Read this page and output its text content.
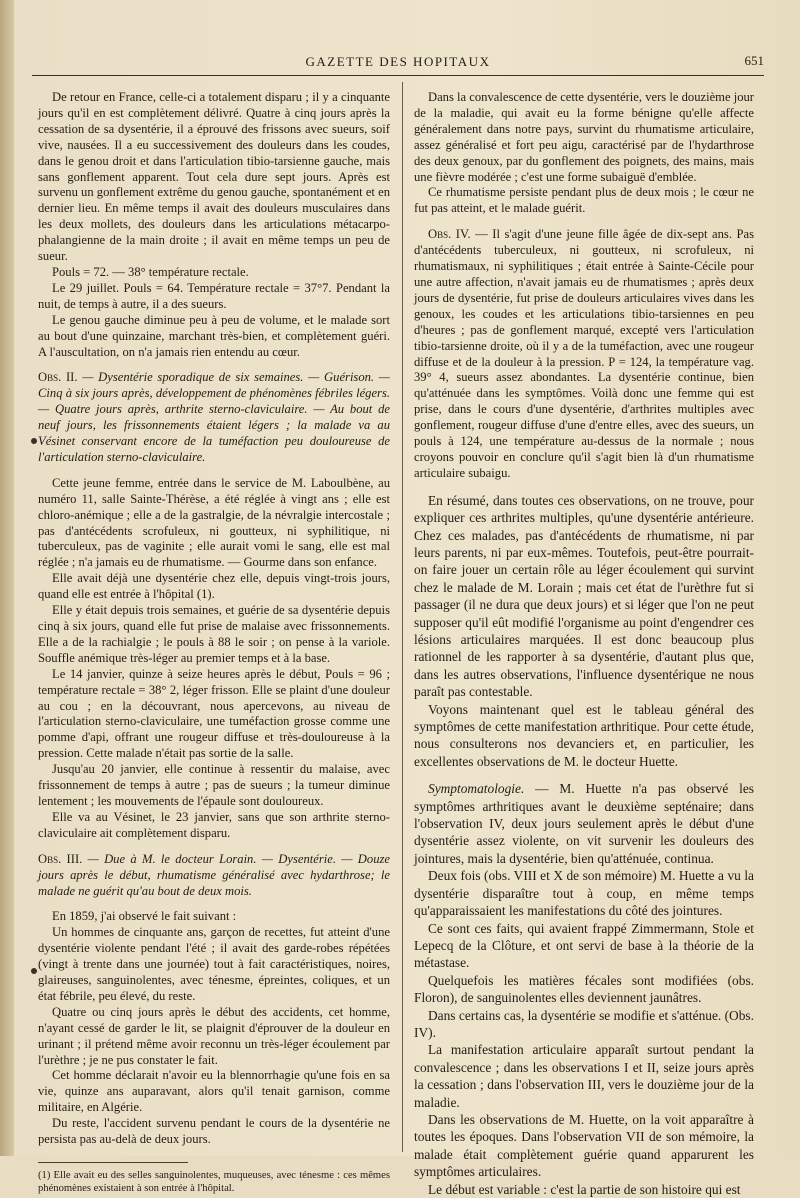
GAZETTE DES HOPITAUX	651

De retour en France, celle-ci a totalement disparu ; il y a cinquante jours qu'il en est complètement délivré. Quatre à cinq jours après la cessation de sa dysentérie, il a éprouvé des frissons avec sueurs, soif vive, nausées. Il a eu successivement des douleurs dans les coudes, dans le genou droit et dans l'articulation tibio-tarsienne gauche, mais sans gonflement apparent. Tout cela dure sept jours. Après est survenu un gonflement extrême du genou gauche, spontanément et en dernier lieu. En même temps il avait des douleurs musculaires dans les deux mollets, des douleurs dans les articulations métacarpo-phalangienne de la main droite ; il avait en même temps un peu de sueur.

Pouls = 72. — 38° température rectale.

Le 29 juillet. Pouls = 64. Température rectale = 37°7. Pendant la nuit, de temps à autre, il a des sueurs.

Le genou gauche diminue peu à peu de volume, et le malade sort au bout d'une quinzaine, marchant très-bien, et complètement guéri. A l'auscultation, on n'a jamais rien entendu au cœur.

Obs. II. — Dysentérie sporadique de six semaines. — Guérison. — Cinq à six jours après, développement de phénomènes fébriles légers. — Quatre jours après, arthrite sterno-claviculaire. — Au bout de neuf jours, les frissonnements étaient légers ; la malade va au Vésinet conservant encore de la tuméfaction peu douloureuse de l'articulation sterno-claviculaire.

Cette jeune femme, entrée dans le service de M. Laboulbène, au numéro 11, salle Sainte-Thérèse, a été réglée à vingt ans ; elle est chloro-anémique ; elle a de la gastralgie, de la névralgie intercostale ; pas d'antécédents scrofuleux, ni goutteux, ni syphilitique, ni tuberculeux, pas de vaginite ; elle aurait vomi le sang, elle est mal réglée ; n'a jamais eu de rhumatisme. — Gourme dans son enfance.

Elle avait déjà une dysentérie chez elle, depuis vingt-trois jours, quand elle est entrée à l'hôpital (1).

Elle y était depuis trois semaines, et guérie de sa dysentérie depuis cinq à six jours, quand elle fut prise de malaise avec frissonnements. Elle a de la rachialgie ; le pouls à 88 le soir ; on pense à la variole. Souffle anémique très-léger au premier temps et à la base.

Le 14 janvier, quinze à seize heures après le début, Pouls = 96 ; température rectale = 38° 2, léger frisson. Elle se plaint d'une douleur au cou ; en la découvrant, nous apercevons, au niveau de l'articulation sterno-claviculaire, une tuméfaction grosse comme une pomme d'api, offrant une rougeur diffuse et très-douloureuse à la pression. Cette malade n'était pas sortie de la salle.

Jusqu'au 20 janvier, elle continue à ressentir du malaise, avec frissonnement de temps à autre ; pas de sueurs ; la tumeur diminue lentement ; les mouvements de l'épaule sont douloureux.

Elle va au Vésinet, le 23 janvier, sans que son arthrite sterno-claviculaire ait complètement disparu.

Obs. III. — Due à M. le docteur Lorain. — Dysentérie. — Douze jours après le début, rhumatisme généralisé avec hydarthrose; le malade ne guérit qu'au bout de deux mois.

En 1859, j'ai observé le fait suivant :

Un hommes de cinquante ans, garçon de recettes, fut atteint d'une dysentérie violente pendant l'été ; il avait des garde-robes répétées (vingt à trente dans une journée) tout à fait caractéristiques, noires, glaireuses, sanguinolentes, avec ténesme, épreintes, coliques, et un état fébrile, peu élevé, du reste.

Quatre ou cinq jours après le début des accidents, cet homme, n'ayant cessé de garder le lit, se plaignit d'éprouver de la douleur en urinant ; il prétend même avoir reconnu un très-léger écoulement par l'urèthre ; je ne pus constater le fait.

Cet homme déclarait n'avoir eu la blennorrhagie qu'une fois en sa vie, quinze ans auparavant, alors qu'il tenait garnison, comme militaire, en Algérie.

Du reste, l'accident survenu pendant le cours de la dysentérie ne persista pas au-delà de deux jours.

(1) Elle avait eu des selles sanguinolentes, muqueuses, avec ténesme : ces mêmes phénomènes existaient à son entrée à l'hôpital.

Dans la convalescence de cette dysentérie, vers le douzième jour de la maladie, qui avait eu la forme bénigne qu'elle affecte généralement dans notre pays, survint du rhumatisme articulaire, assez généralisé et fort peu aigu, caractérisé par de l'hydarthrose des deux genoux, par du gonflement des poignets, des mains, mais une fièvre modérée ; c'est une forme subaiguë d'emblée.

Ce rhumatisme persiste pendant plus de deux mois ; le cœur ne fut pas atteint, et le malade guérit.

Obs. IV. — Il s'agit d'une jeune fille âgée de dix-sept ans. Pas d'antécédents tuberculeux, ni goutteux, ni scrofuleux, ni rhumatismaux, ni syphilitiques ; était entrée à Sainte-Cécile pour une autre affection, n'avait jamais eu de rhumatismes ; après deux jours de dysentérie, fut prise de douleurs articulaires vives dans les genoux, les coudes et les articulations tibio-tarsiennes en peu d'heures ; pas de gonflement marqué, excepté vers l'articulation tibio-tarsienne droite, où il y a de la tuméfaction, avec une rougeur diffuse et de la douleur à la pression. P = 124, la température vag. 39° 4, sueurs assez abondantes. La dysentérie continue, bien qu'atténuée dans les symptômes. Voilà donc une femme qui est prise, dans le cours d'une dysentérie, d'arthrites multiples avec gonflement, rougeur diffuse d'une d'entre elles, avec des sueurs, un pouls à 124, une température au-dessus de la normale ; nous croyons pouvoir en conclure qu'il s'agit bien là d'un rhumatisme articulaire subaigu.

En résumé, dans toutes ces observations, on ne trouve, pour expliquer ces arthrites multiples, qu'une dysentérie antérieure. Chez ces malades, pas d'antécédents de rhumatisme, ni par leurs parents, ni par eux-mêmes. Toutefois, peut-être pourrait-on faire jouer un certain rôle au léger écoulement qui survint chez le malade de M. Lorain ; mais cet état de l'urèthre fut si passager (il ne dura que deux jours) et si léger que l'on ne peut supposer qu'il eût modifié l'organisme au point d'engendrer ces lésions articulaires marquées. Il est donc beaucoup plus rationnel de les rapporter à sa dysentérie, d'autant plus que, dans les autres observations, l'influence dysentérique ne nous paraît pas contestable.

Voyons maintenant quel est le tableau général des symptômes de cette manifestation arthritique. Pour cette étude, nous consulterons nos devanciers et, en particulier, les excellentes observations de M. le docteur Huette.

Symptomatologie. — M. Huette n'a pas observé les symptômes arthritiques avant le deuxième septénaire; dans l'observation IV, deux jours seulement après le début d'une dysentérie assez violente, on vit survenir les douleurs des jointures, mais la dysentérie, bien qu'atténuée, continua.

Deux fois (obs. VIII et X de son mémoire) M. Huette a vu la dysentérie disparaître tout à coup, en même temps qu'apparaissaient les manifestations du côté des jointures.

Ce sont ces faits, qui avaient frappé Zimmermann, Stole et Lepecq de la Clôture, et ont servi de base à la théorie de la métastase.

Quelquefois les matières fécales sont modifiées (obs. Floron), de sanguinolentes elles deviennent jaunâtres.

Dans certains cas, la dysentérie se modifie et s'atténue. (Obs. IV).

La manifestation articulaire apparaît surtout pendant la convalescence ; dans les observations I et II, seize jours après la cessation ; dans l'observation III, vers le douzième jour de la maladie.

Dans les observations de M. Huette, on la voit apparaître à toutes les époques. Dans l'observation VII de son mémoire, la malade était complètement guérie quand apparurent les symptômes articulaires.

Le début est variable : c'est la partie de son histoire qui est
